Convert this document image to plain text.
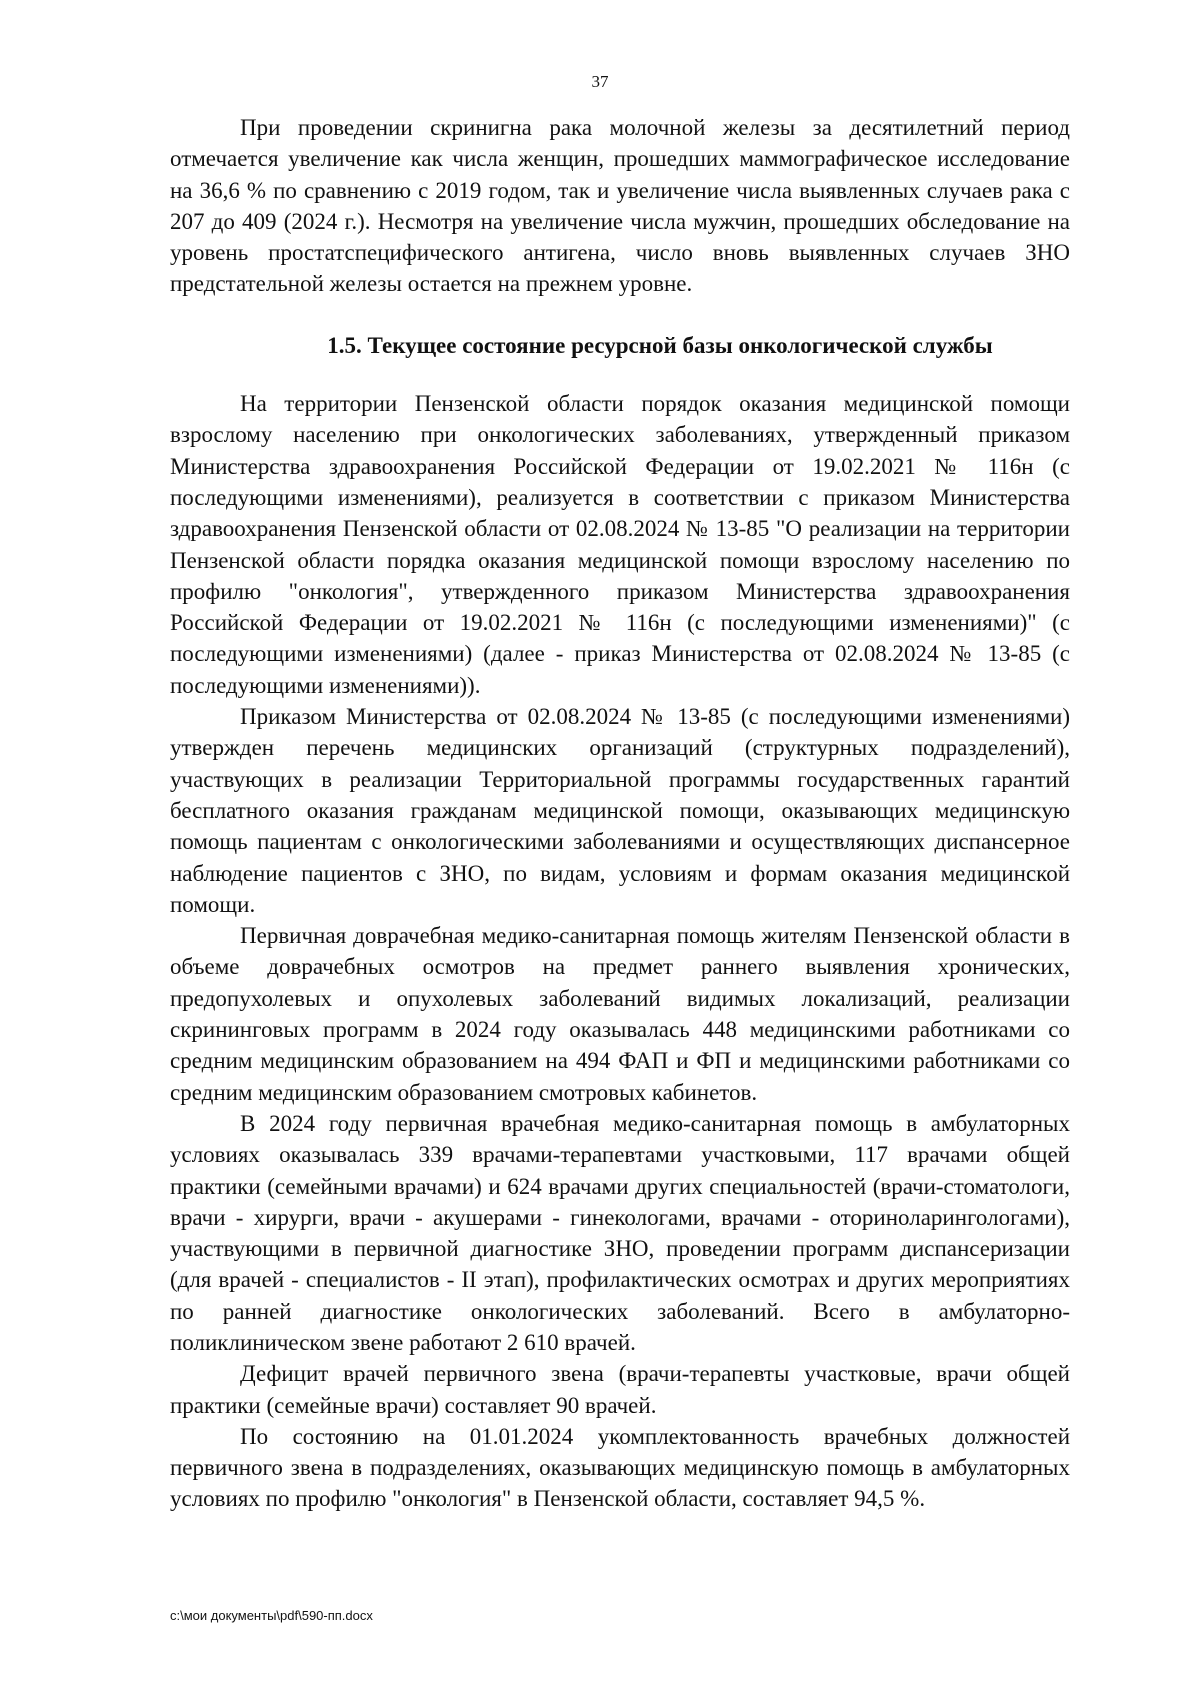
37

При проведении скринигна рака молочной железы за десятилетний период отмечается увеличение как числа женщин, прошедших маммографическое исследование на 36,6 % по сравнению с 2019 годом, так и увеличение числа выявленных случаев рака с 207 до 409 (2024 г.). Несмотря на увеличение числа мужчин, прошедших обследование на уровень простатспецифического антигена, число вновь выявленных случаев ЗНО предстательной железы остается на прежнем уровне.

1.5. Текущее состояние ресурсной базы онкологической службы

На территории Пензенской области порядок оказания медицинской помощи взрослому населению при онкологических заболеваниях, утвержденный приказом Министерства здравоохранения Российской Федерации от 19.02.2021 № 116н (с последующими изменениями), реализуется в соответствии с приказом Министерства здравоохранения Пензенской области от 02.08.2024 № 13-85 "О реализации на территории Пензенской области порядка оказания медицинской помощи взрослому населению по профилю "онкология", утвержденного приказом Министерства здравоохранения Российской Федерации от 19.02.2021 № 116н (с последующими изменениями)" (с последующими изменениями) (далее - приказ Министерства от 02.08.2024 № 13-85 (с последующими изменениями)).

Приказом Министерства от 02.08.2024 № 13-85 (с последующими изменениями) утвержден перечень медицинских организаций (структурных подразделений), участвующих в реализации Территориальной программы государственных гарантий бесплатного оказания гражданам медицинской помощи, оказывающих медицинскую помощь пациентам с онкологическими заболеваниями и осуществляющих диспансерное наблюдение пациентов с ЗНО, по видам, условиям и формам оказания медицинской помощи.

Первичная доврачебная медико-санитарная помощь жителям Пензенской области в объеме доврачебных осмотров на предмет раннего выявления хронических, предопухолевых и опухолевых заболеваний видимых локализаций, реализации скрининговых программ в 2024 году оказывалась 448 медицинскими работниками со средним медицинским образованием на 494 ФАП и ФП и медицинскими работниками со средним медицинским образованием смотровых кабинетов.

В 2024 году первичная врачебная медико-санитарная помощь в амбулаторных условиях оказывалась 339 врачами-терапевтами участковыми, 117 врачами общей практики (семейными врачами) и 624 врачами других специальностей (врачи-стоматологи, врачи - хирурги, врачи - акушерами - гинекологами, врачами - оториноларингологами), участвующими в первичной диагностике ЗНО, проведении программ диспансеризации (для врачей - специалистов - II этап), профилактических осмотрах и других мероприятиях по ранней диагностике онкологических заболеваний. Всего в амбулаторно-поликлиническом звене работают 2 610 врачей.

Дефицит врачей первичного звена (врачи-терапевты участковые, врачи общей практики (семейные врачи) составляет 90 врачей.

По состоянию на 01.01.2024 укомплектованность врачебных должностей первичного звена в подразделениях, оказывающих медицинскую помощь в амбулаторных условиях по профилю "онкология" в Пензенской области, составляет 94,5 %.

c:\мои документы\pdf\590-пп.docx
